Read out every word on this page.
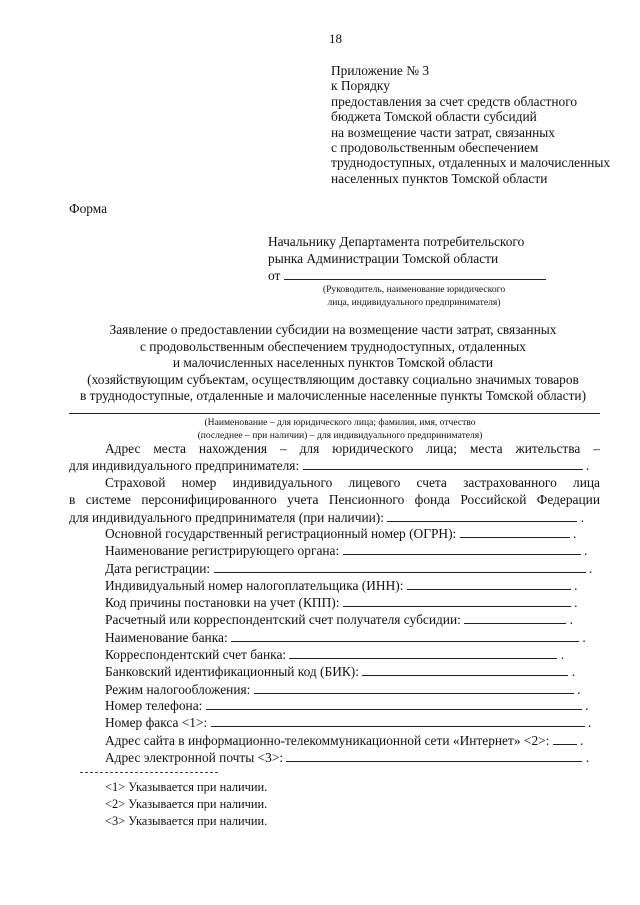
18
Приложение № 3
к Порядку
предоставления за счет средств областного
бюджета Томской области субсидий
на возмещение части затрат, связанных
с продовольственным обеспечением
труднодоступных, отдаленных и малочисленных
населенных пунктов Томской области
Форма
Начальнику Департамента потребительского
рынка Администрации Томской области
от
(Руководитель, наименование юридического
лица, индивидуального предпринимателя)
Заявление о предоставлении субсидии на возмещение части затрат, связанных
с продовольственным обеспечением труднодоступных, отдаленных
и малочисленных населенных пунктов Томской области
(хозяйствующим субъектам, осуществляющим доставку социально значимых товаров
в труднодоступные, отдаленные и малочисленные населенные пункты Томской области)
(Наименование – для юридического лица; фамилия, имя, отчество
(последнее – при наличии) – для индивидуального предпринимателя)
Адрес места нахождения – для юридического лица; места жительства –
для индивидуального предпринимателя:	.
Страховой номер индивидуального лицевого счета застрахованного лица
в системе персонифицированного учета Пенсионного фонда Российской Федерации
для индивидуального предпринимателя (при наличии):	.
Основной государственный регистрационный номер (ОГРН):	.
Наименование регистрирующего органа:	.
Дата регистрации:	.
Индивидуальный номер налогоплательщика (ИНН):	.
Код причины постановки на учет (КПП):	.
Расчетный или корреспондентский счет получателя субсидии:	.
Наименование банка:	.
Корреспондентский счет банка:	.
Банковский идентификационный код (БИК):	.
Режим налогообложения:	.
Номер телефона:	.
Номер факса <1>:	.
Адрес сайта в информационно-телекоммуникационной сети «Интернет» <2>: .
Адрес электронной почты <3>:	.
<1> Указывается при наличии.
<2> Указывается при наличии.
<3> Указывается при наличии.
